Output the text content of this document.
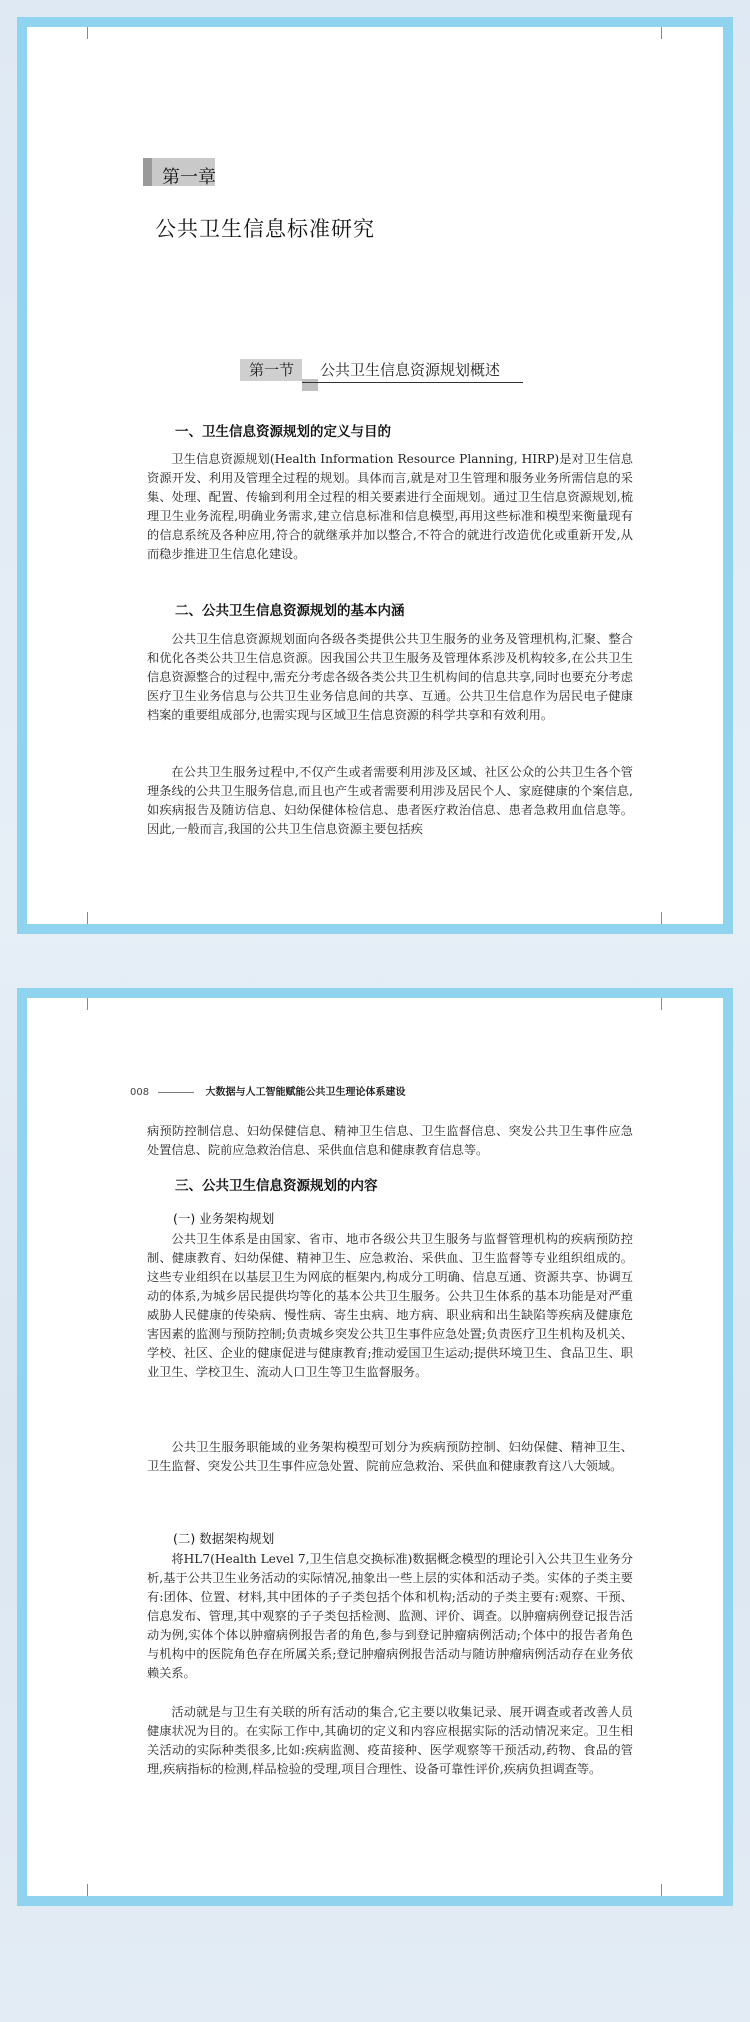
第一章
公共卫生信息标准研究
第一节 公共卫生信息资源规划概述
一、卫生信息资源规划的定义与目的
卫生信息资源规划(Health Information Resource Planning, HIRP)是对卫生信息资源开发、利用及管理全过程的规划。具体而言,就是对卫生管理和服务业务所需信息的采集、处理、配置、传输到利用全过程的相关要素进行全面规划。通过卫生信息资源规划,梳理卫生业务流程,明确业务需求,建立信息标准和信息模型,再用这些标准和模型来衡量现有的信息系统及各种应用,符合的就继承并加以整合,不符合的就进行改造优化或重新开发,从而稳步推进卫生信息化建设。
二、公共卫生信息资源规划的基本内涵
公共卫生信息资源规划面向各级各类提供公共卫生服务的业务及管理机构,汇聚、整合和优化各类公共卫生信息资源。因我国公共卫生服务及管理体系涉及机构较多,在公共卫生信息资源整合的过程中,需充分考虑各级各类公共卫生机构间的信息共享,同时也要充分考虑医疗卫生业务信息与公共卫生业务信息间的共享、互通。公共卫生信息作为居民电子健康档案的重要组成部分,也需实现与区域卫生信息资源的科学共享和有效利用。
在公共卫生服务过程中,不仅产生或者需要利用涉及区域、社区公众的公共卫生各个管理条线的公共卫生服务信息,而且也产生或者需要利用涉及居民个人、家庭健康的个案信息,如疾病报告及随访信息、妇幼保健体检信息、患者医疗救治信息、患者急救用血信息等。因此,一般而言,我国的公共卫生信息资源主要包括疾
008	大数据与人工智能赋能公共卫生理论体系建设
病预防控制信息、妇幼保健信息、精神卫生信息、卫生监督信息、突发公共卫生事件应急处置信息、院前应急救治信息、采供血信息和健康教育信息等。
三、公共卫生信息资源规划的内容
(一) 业务架构规划
公共卫生体系是由国家、省市、地市各级公共卫生服务与监督管理机构的疾病预防控制、健康教育、妇幼保健、精神卫生、应急救治、采供血、卫生监督等专业组织组成的。这些专业组织在以基层卫生为网底的框架内,构成分工明确、信息互通、资源共享、协调互动的体系,为城乡居民提供均等化的基本公共卫生服务。公共卫生体系的基本功能是对严重威胁人民健康的传染病、慢性病、寄生虫病、地方病、职业病和出生缺陷等疾病及健康危害因素的监测与预防控制;负责城乡突发公共卫生事件应急处置;负责医疗卫生机构及机关、学校、社区、企业的健康促进与健康教育;推动爱国卫生运动;提供环境卫生、食品卫生、职业卫生、学校卫生、流动人口卫生等卫生监督服务。
公共卫生服务职能域的业务架构模型可划分为疾病预防控制、妇幼保健、精神卫生、卫生监督、突发公共卫生事件应急处置、院前应急救治、采供血和健康教育这八大领域。
(二) 数据架构规划
将HL7(Health Level 7,卫生信息交换标准)数据概念模型的理论引入公共卫生业务分析,基于公共卫生业务活动的实际情况,抽象出一些上层的实体和活动子类。实体的子类主要有:团体、位置、材料,其中团体的子子类包括个体和机构;活动的子类主要有:观察、干预、信息发布、管理,其中观察的子子类包括检测、监测、评价、调查。以肿瘤病例登记报告活动为例,实体个体以肿瘤病例报告者的角色,参与到登记肿瘤病例活动;个体中的报告者角色与机构中的医院角色存在所属关系;登记肿瘤病例报告活动与随访肿瘤病例活动存在业务依赖关系。
活动就是与卫生有关联的所有活动的集合,它主要以收集记录、展开调查或者改善人员健康状况为目的。在实际工作中,其确切的定义和内容应根据实际的活动情况来定。卫生相关活动的实际种类很多,比如:疾病监测、疫苗接种、医学观察等干预活动,药物、食品的管理,疾病指标的检测,样品检验的受理,项目合理性、设备可靠性评价,疾病负担调查等。
